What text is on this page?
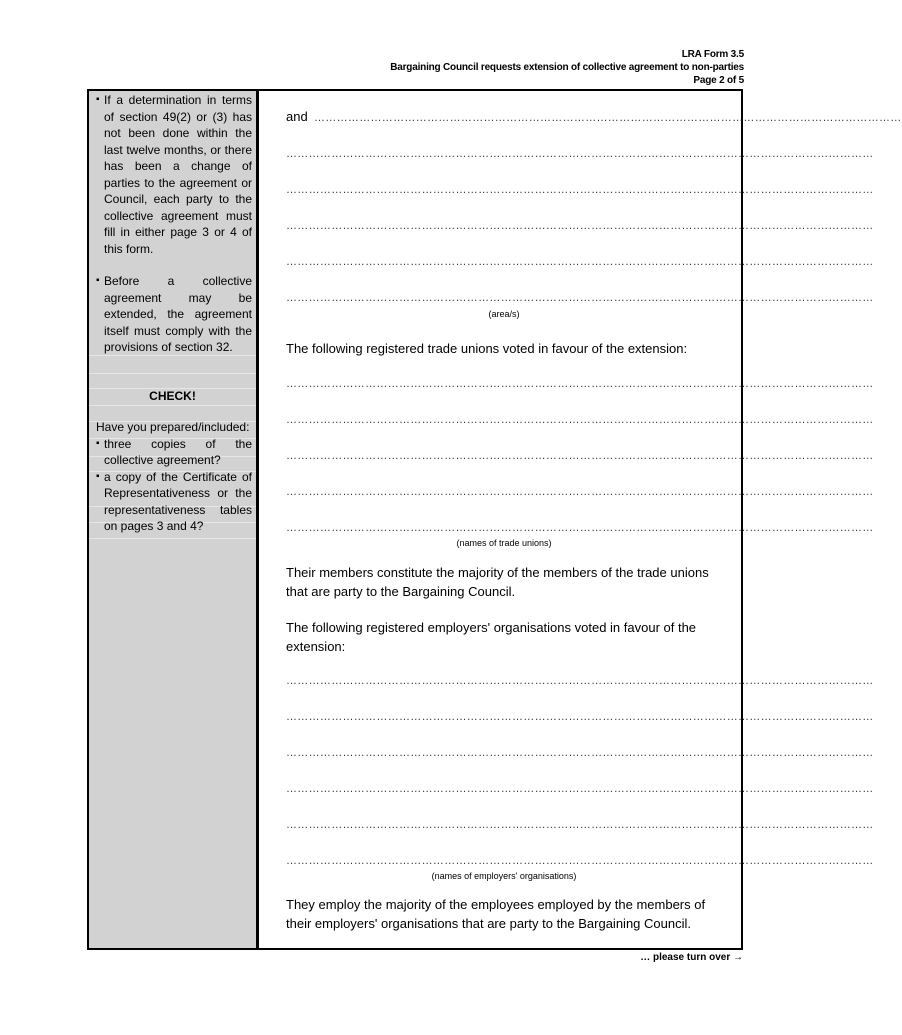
LRA Form 3.5
Bargaining Council requests extension of collective agreement to non-parties
Page 2 of 5
▪ If a determination in terms of section 49(2) or (3) has not been done within the last twelve months, or there has been a change of parties to the agreement or Council, each party to the collective agreement must fill in either page 3 or 4 of this form.
▪ Before a collective agreement may be extended, the agreement itself must comply with the provisions of section 32.
CHECK!
Have you prepared/included:
▪ three copies of the collective agreement?
▪ a copy of the Certificate of Representativeness or the representativeness tables on pages 3 and 4?
and …………………………………………………………………………………………………………………………………………
…………………………………………………………………………………………………………………………………………
…………………………………………………………………………………………………………………………………………
…………………………………………………………………………………………………………………………………………
…………………………………………………………………………………………………………………………………………
…………………………………………………………………………………………………………………………………………
(area/s)
The following registered trade unions voted in favour of the extension:
…………………………………………………………………………………………………………………………………………
…………………………………………………………………………………………………………………………………………
…………………………………………………………………………………………………………………………………………
…………………………………………………………………………………………………………………………………………
…………………………………………………………………………………………………………………………………………
(names of trade unions)
Their members constitute the majority of the members of the trade unions that are party to the Bargaining Council.
The following registered employers' organisations voted in favour of the extension:
…………………………………………………………………………………………………………………………………………
…………………………………………………………………………………………………………………………………………
…………………………………………………………………………………………………………………………………………
…………………………………………………………………………………………………………………………………………
…………………………………………………………………………………………………………………………………………
…………………………………………………………………………………………………………………………………………
(names of employers' organisations)
They employ the majority of the employees employed by the members of their employers' organisations that are party to the Bargaining Council.
… please turn over →
